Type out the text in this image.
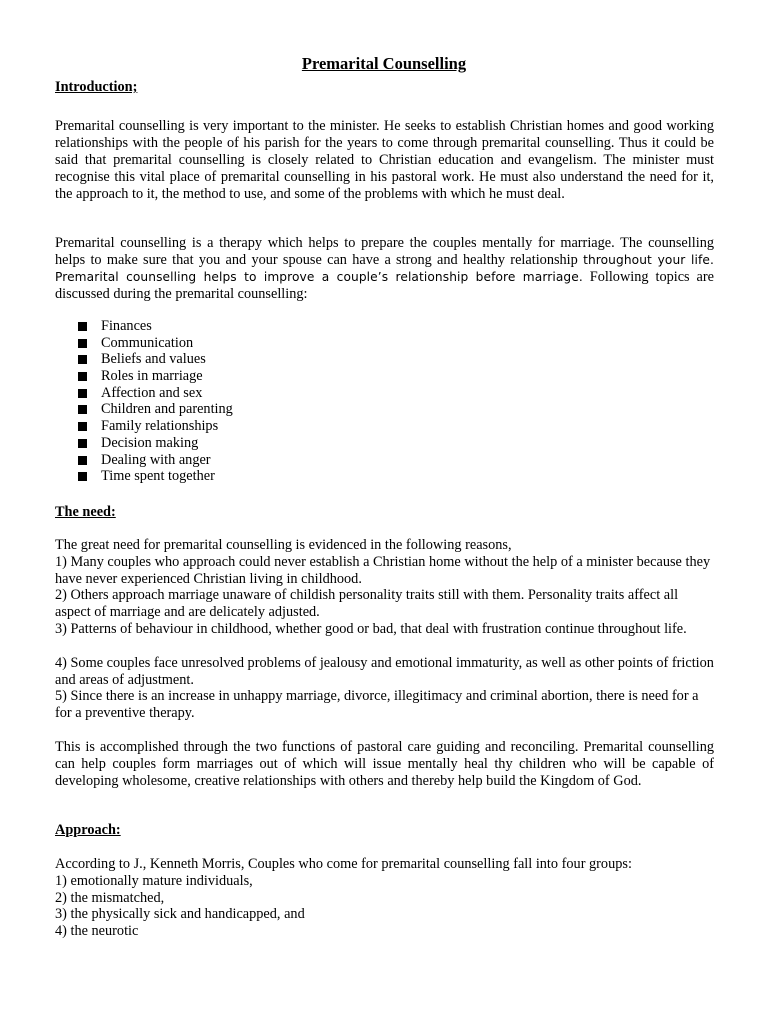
Premarital Counselling

Introduction;

Premarital counselling is very important to the minister. He seeks to establish Christian homes and good working relationships with the people of his parish for the years to come through premarital counselling. Thus it could be said that premarital counselling is closely related to Christian education and evangelism. The minister must recognise this vital place of premarital counselling in his pastoral work. He must also understand the need for it, the approach to it, the method to use, and some of the problems with which he must deal.

Premarital counselling is a therapy which helps to prepare the couples mentally for marriage. The counselling helps to make sure that you and your spouse can have a strong and healthy relationship throughout your life. Premarital counselling helps to improve a couple’s relationship before marriage. Following topics are discussed during the premarital counselling:
Finances
Communication
Beliefs and values
Roles in marriage
Affection and sex
Children and parenting
Family relationships
Decision making
Dealing with anger
Time spent together

The need:

The great need for premarital counselling is evidenced in the following reasons,

1) Many couples who approach could never establish a Christian home without the help of a minister because they have never experienced Christian living in childhood.

2) Others approach marriage unaware of childish personality traits still with them. Personality traits affect all aspect of marriage and are delicately adjusted.

3) Patterns of behaviour in childhood, whether good or bad, that deal with frustration continue throughout life.

4) Some couples face unresolved problems of jealousy and emotional immaturity, as well as other points of friction and areas of adjustment.

5) Since there is an increase in unhappy marriage, divorce, illegitimacy and criminal abortion, there is need for a for a preventive therapy.

This is accomplished through the two functions of pastoral care guiding and reconciling. Premarital counselling can help couples form marriages out of which will issue mentally heal thy children who will be capable of developing wholesome, creative relationships with others and thereby help build the Kingdom of God.

Approach:

According to J., Kenneth Morris, Couples who come for premarital counselling fall into four groups:

1) emotionally mature individuals,

2) the mismatched,

3) the physically sick and handicapped, and

4) the neurotic
